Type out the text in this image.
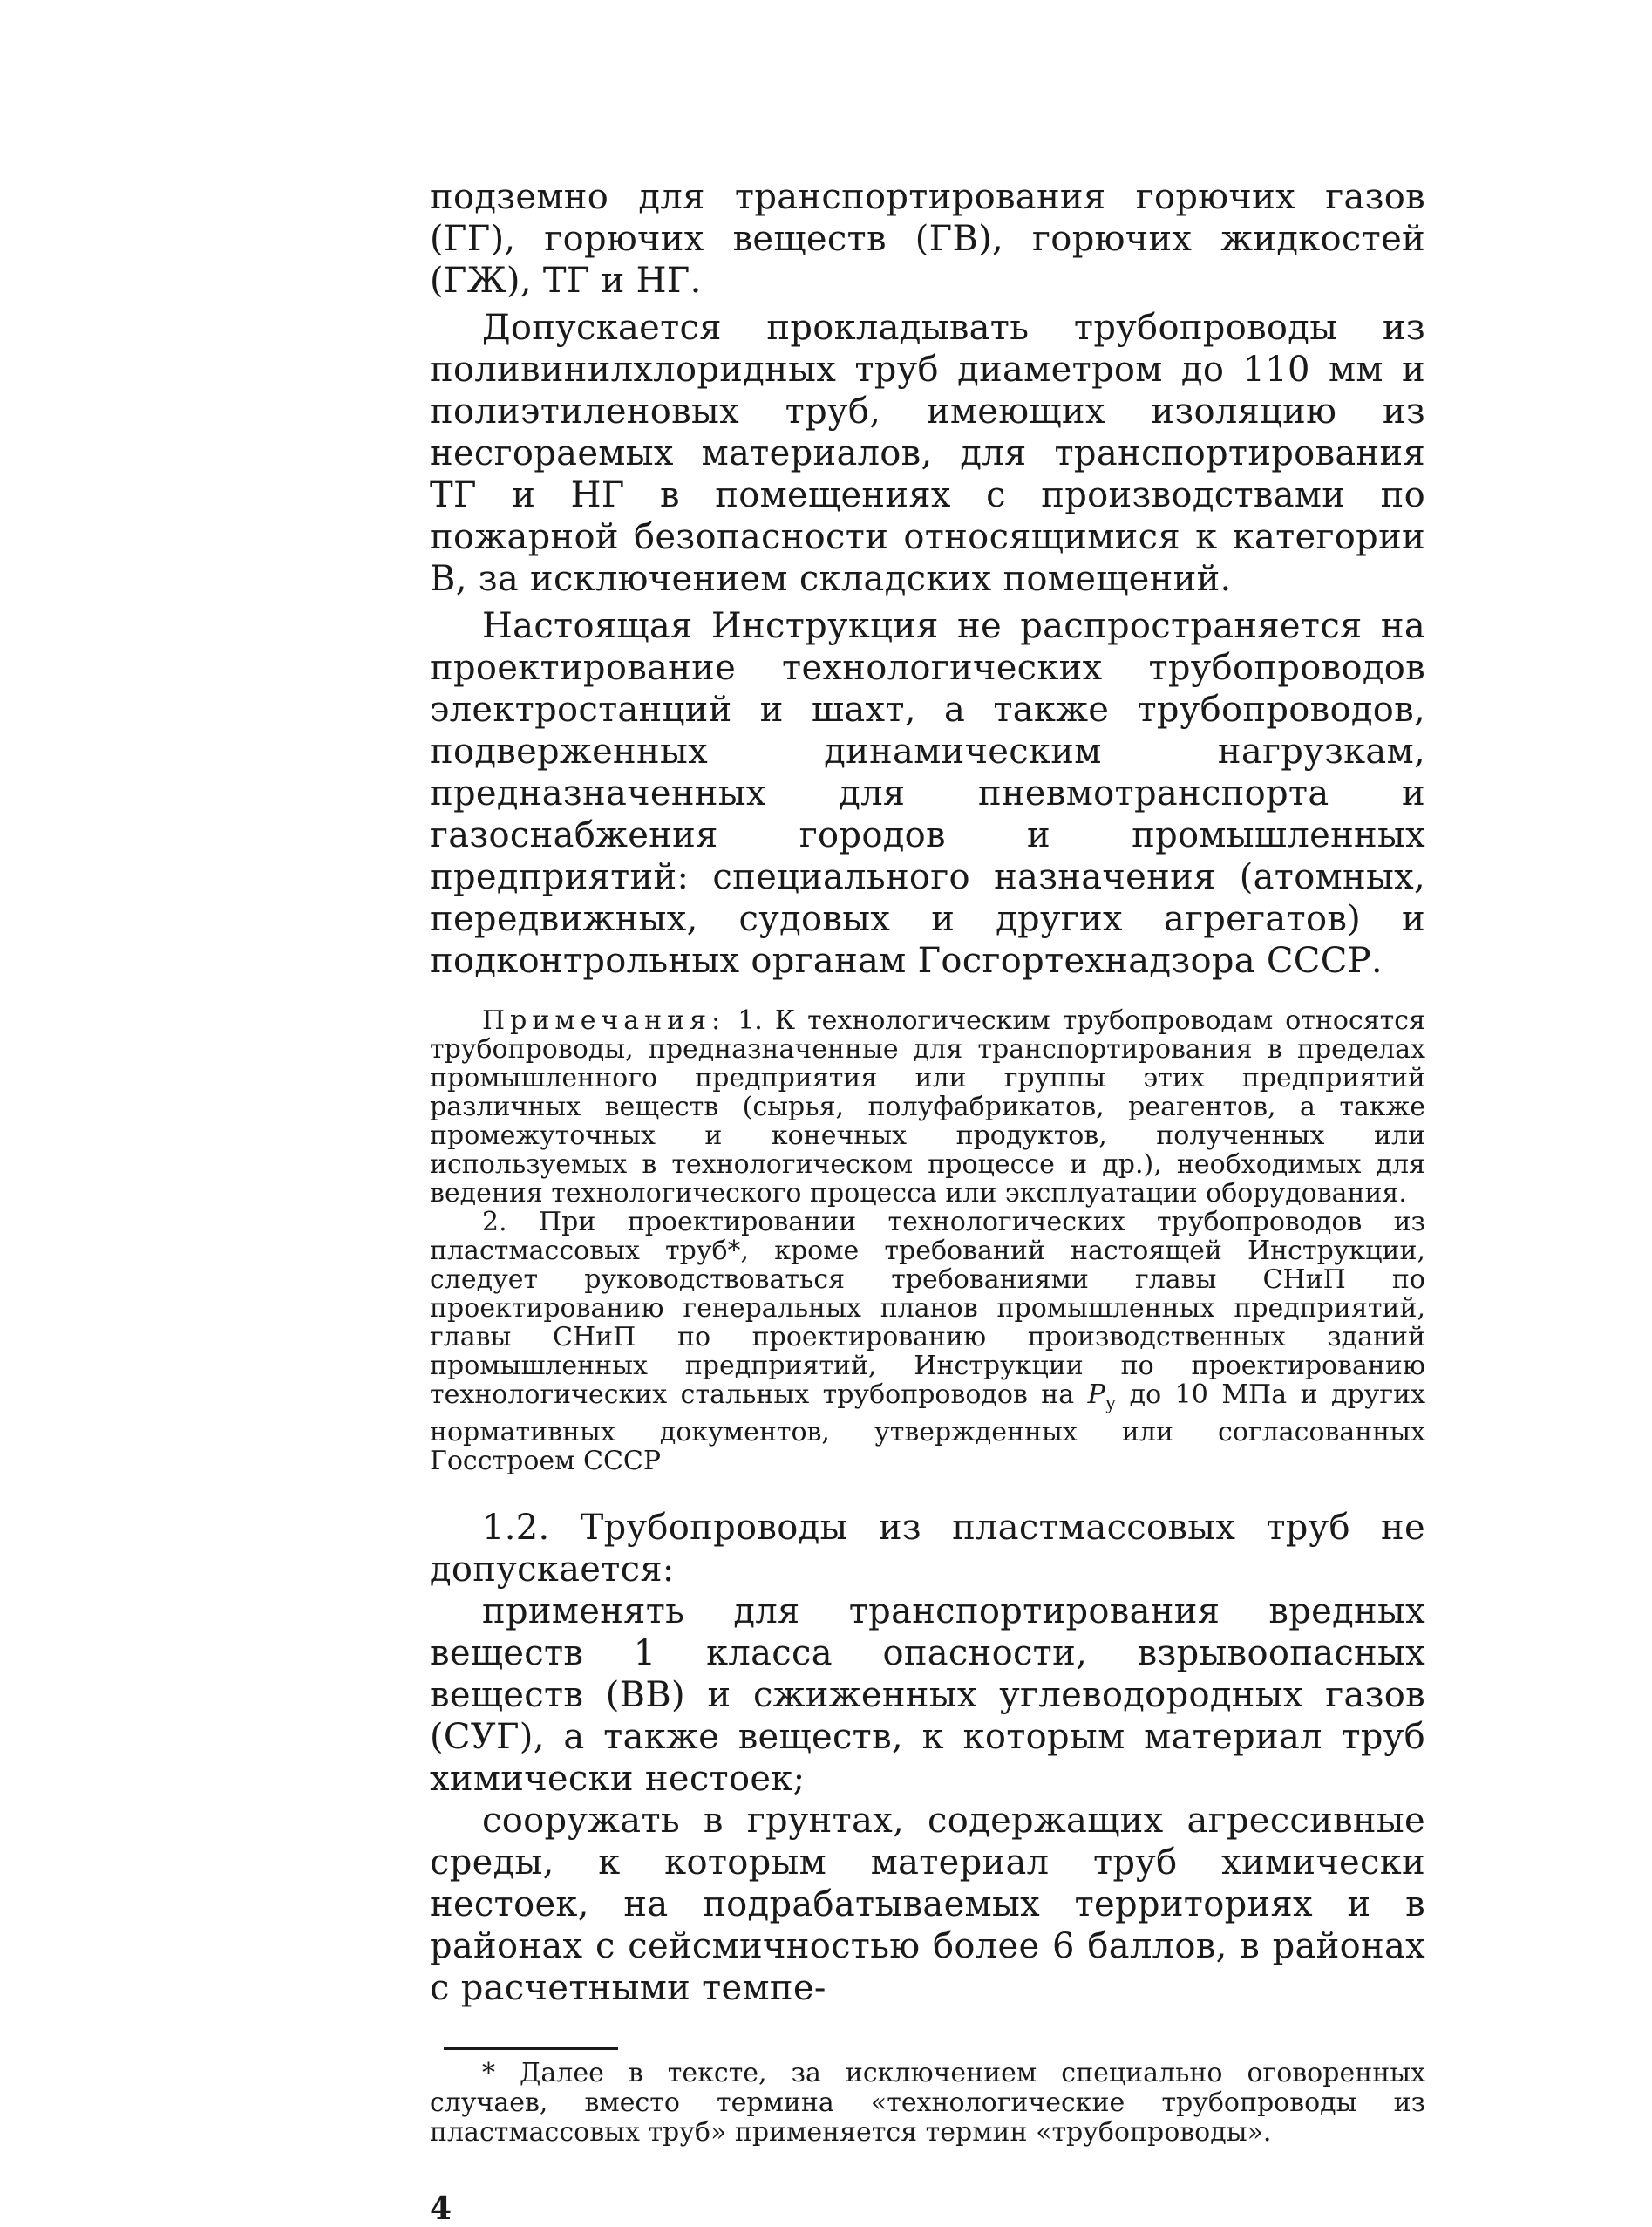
подземно для транспортирования горючих газов (ГГ), горючих веществ (ГВ), горючих жидкостей (ГЖ), ТГ и НГ.

Допускается прокладывать трубопроводы из поливинилхлоридных труб диаметром до 110 мм и полиэтиленовых труб, имеющих изоляцию из несгораемых материалов, для транспортирования ТГ и НГ в помещениях с производствами по пожарной безопасности относящимися к категории В, за исключением складских помещений.

Настоящая Инструкция не распространяется на проектирование технологических трубопроводов электростанций и шахт, а также трубопроводов, подверженных динамическим нагрузкам, предназначенных для пневмотранспорта и газоснабжения городов и промышленных предприятий: специального назначения (атомных, передвижных, судовых и других агрегатов) и подконтрольных органам Госгортехнадзора СССР.

Примечания: 1. К технологическим трубопроводам относятся трубопроводы, предназначенные для транспортирования в пределах промышленного предприятия или группы этих предприятий различных веществ (сырья, полуфабрикатов, реагентов, а также промежуточных и конечных продуктов, полученных или используемых в технологическом процессе и др.), необходимых для ведения технологического процесса или эксплуатации оборудования.

2. При проектировании технологических трубопроводов из пластмассовых труб*, кроме требований настоящей Инструкции, следует руководствоваться требованиями главы СНиП по проектированию генеральных планов промышленных предприятий, главы СНиП по проектированию производственных зданий промышленных предприятий, Инструкции по проектированию технологических стальных трубопроводов на $P_у$ до 10 МПа и других нормативных документов, утвержденных или согласованных Госстроем СССР

1.2. Трубопроводы из пластмассовых труб не допускается:

применять для транспортирования вредных веществ 1 класса опасности, взрывоопасных веществ (ВВ) и сжиженных углеводородных газов (СУГ), а также веществ, к которым материал труб химически нестоек;

сооружать в грунтах, содержащих агрессивные среды, к которым материал труб химически нестоек, на подрабатываемых территориях и в районах с сейсмичностью более 6 баллов, в районах с расчетными темпе-

* Далее в тексте, за исключением специально оговоренных случаев, вместо термина «технологические трубопроводы из пластмассовых труб» применяется термин «трубопроводы».

4
